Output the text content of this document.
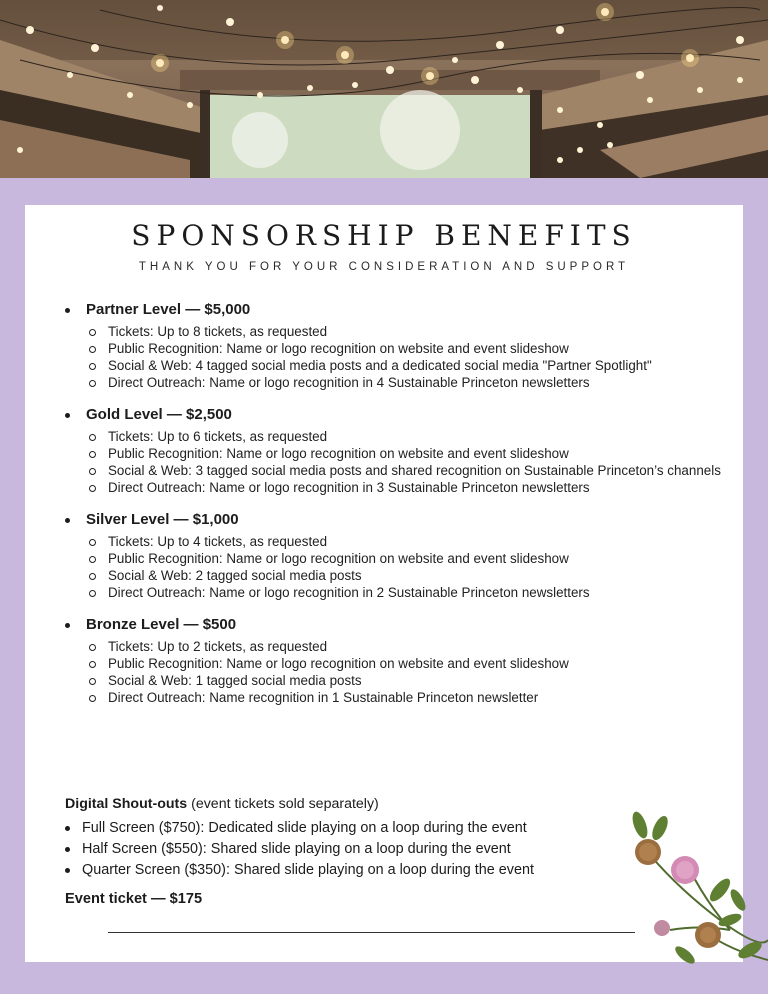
SPONSORSHIP BENEFITS
THANK YOU FOR YOUR CONSIDERATION AND SUPPORT
Partner Level — $5,000
Tickets: Up to 8 tickets, as requested
Public Recognition: Name or logo recognition on website and event slideshow
Social & Web: 4 tagged social media posts and a dedicated social media "Partner Spotlight"
Direct Outreach: Name or logo recognition in 4 Sustainable Princeton newsletters
Gold Level — $2,500
Tickets: Up to 6 tickets, as requested
Public Recognition: Name or logo recognition on website and event slideshow
Social & Web: 3 tagged social media posts and shared recognition on Sustainable Princeton’s channels
Direct Outreach: Name or logo recognition in 3 Sustainable Princeton newsletters
Silver Level — $1,000
Tickets: Up to 4 tickets, as requested
Public Recognition: Name or logo recognition on website and event slideshow
Social & Web: 2 tagged social media posts
Direct Outreach: Name or logo recognition in 2 Sustainable Princeton newsletters
Bronze Level — $500
Tickets: Up to 2 tickets, as requested
Public Recognition: Name or logo recognition on website and event slideshow
Social & Web: 1 tagged social media posts
Direct Outreach: Name recognition in 1 Sustainable Princeton newsletter
Digital Shout-outs (event tickets sold separately)
Full Screen ($750): Dedicated slide playing on a loop during the event
Half Screen ($550): Shared slide playing on a loop during the event
Quarter Screen ($350): Shared slide playing on a loop during the event
Event ticket — $175
